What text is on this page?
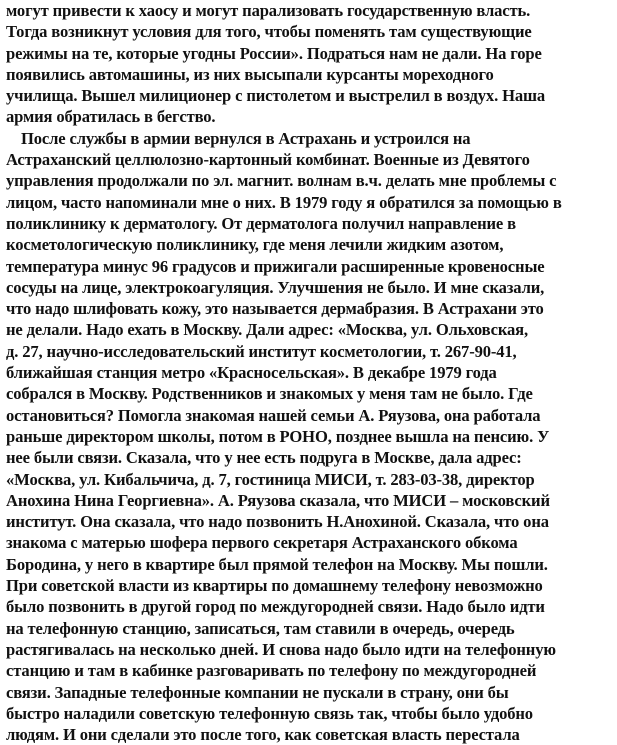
могут привести к хаосу и могут парализовать государственную власть.
Тогда возникнут условия для того, чтобы поменять там существующие
режимы на те, которые угодны России». Подраться нам не дали. На горе
появились автомашины, из них высыпали курсанты мореходного
училища. Вышел милиционер с пистолетом и выстрелил в воздух. Наша
армия обратилась в бегство.
После службы в армии вернулся в Астрахань и устроился на
Астраханский целлюлозно-картонный комбинат. Военные из Девятого
управления продолжали по эл. магнит. волнам в.ч. делать мне проблемы с
лицом, часто напоминали мне о них. В 1979 году я обратился за помощью в
поликлинику к дерматологу. От дерматолога получил направление в
косметологическую поликлинику, где меня лечили жидким азотом,
температура минус 96 градусов и прижигали расширенные кровеносные
сосуды на лице, электрокоагуляция. Улучшения не было. И мне сказали,
что надо шлифовать кожу, это называется дермабразия. В Астрахани это
не делали. Надо ехать в Москву. Дали адрес: «Москва, ул. Ольховская,
д. 27, научно-исследовательский институт косметологии, т. 267-90-41,
ближайшая станция метро «Красносельская». В декабре 1979 года
собрался в Москву. Родственников и знакомых у меня там не было. Где
остановиться? Помогла знакомая нашей семьи А. Ряузова, она работала
раньше директором школы, потом в РОНО, позднее вышла на пенсию. У
нее были связи. Сказала, что у нее есть подруга в Москве, дала адрес:
«Москва, ул. Кибальчича, д. 7, гостиница МИСИ, т. 283-03-38, директор
Анохина Нина Георгиевна». А. Ряузова сказала, что МИСИ – московский
институт. Она сказала, что надо позвонить Н.Анохиной. Сказала, что она
знакома с матерью шофера первого секретаря Астраханского обкома
Бородина, у него в квартире был прямой телефон на Москву. Мы пошли.
При советской власти из квартиры по домашнему телефону невозможно
было позвонить в другой город по междугородней связи. Надо было идти
на телефонную станцию, записаться, там ставили в очередь, очередь
растягивалась на несколько дней. И снова надо было идти на телефонную
станцию и там в кабинке разговаривать по телефону по междугородней
связи. Западные телефонные компании не пускали в страну, они бы
быстро наладили советскую телефонную связь так, чтобы было удобно
людям. И они сделали это после того, как советская власть перестала
